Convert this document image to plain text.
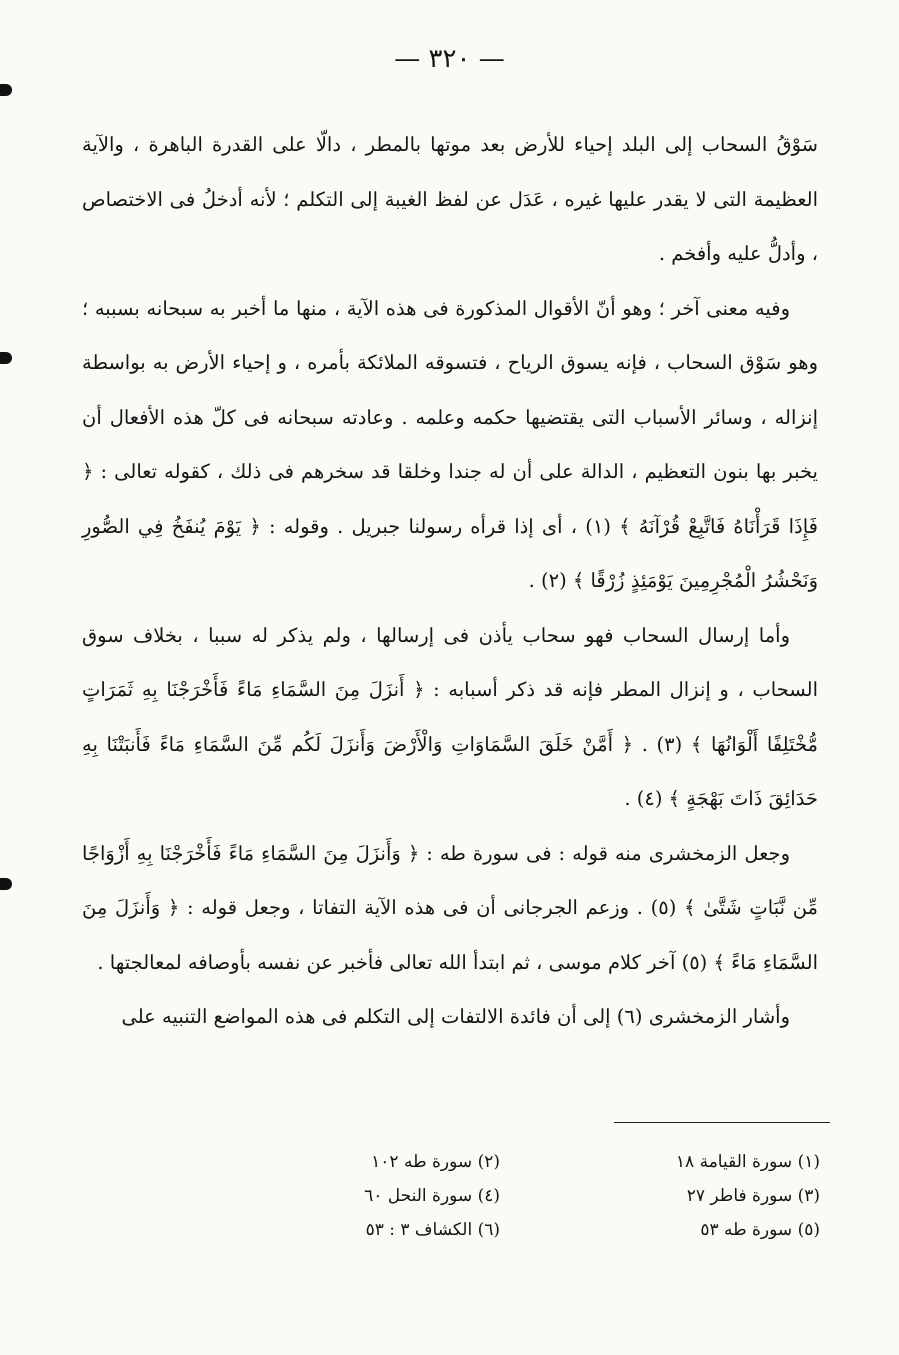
— ٣٢٠ —

سَوْقُ السحاب إلى البلد إحياء للأرض بعد موتها بالمطر ، دالّا على القدرة الباهرة ، والآية العظيمة التى لا يقدر عليها غيره ، عَدَل عن لفظ الغيبة إلى التكلم ؛ لأنه أدخلُ فى الاختصاص ، وأدلُّ عليه وأفخم .

وفيه معنى آخر ؛ وهو أنّ الأقوال المذكورة فى هذه الآية ، منها ما أخبر به سبحانه بسببه ؛ وهو سَوْق السحاب ، فإنه يسوق الرياح ، فتسوقه الملائكة بأمره ، و إحياء الأرض به بواسطة إنزاله ، وسائر الأسباب التى يقتضيها حكمه وعلمه . وعادته سبحانه فى كلّ هذه الأفعال أن يخبر بها بنون التعظيم ، الدالة على أن له جندا وخلقا قد سخرهم فى ذلك ، كقوله تعالى : ﴿ فَإِذَا قَرَأْنَاهُ فَاتَّبِعْ قُرْآنَهُ ﴾ (١) ، أى إذا قرأه رسولنا جبريل . وقوله : ﴿ يَوْمَ يُنفَخُ فِي الصُّورِ وَنَحْشُرُ الْمُجْرِمِينَ يَوْمَئِذٍ زُرْقًا ﴾ (٢) .

وأما إرسال السحاب فهو سحاب يأذن فى إرسالها ، ولم يذكر له سببا ، بخلاف سوق السحاب ، و إنزال المطر فإنه قد ذكر أسبابه : ﴿ أَنزَلَ مِنَ السَّمَاءِ مَاءً فَأَخْرَجْنَا بِهِ ثَمَرَاتٍ مُّخْتَلِفًا أَلْوَانُهَا ﴾ (٣) . ﴿ أَمَّنْ خَلَقَ السَّمَاوَاتِ وَالْأَرْضَ وَأَنزَلَ لَكُم مِّنَ السَّمَاءِ مَاءً فَأَنبَتْنَا بِهِ حَدَائِقَ ذَاتَ بَهْجَةٍ ﴾ (٤) .

وجعل الزمخشرى منه قوله : فى سورة طه : ﴿ وَأَنزَلَ مِنَ السَّمَاءِ مَاءً فَأَخْرَجْنَا بِهِ أَزْوَاجًا مِّن نَّبَاتٍ شَتَّىٰ ﴾ (٥) . وزعم الجرجانى أن فى هذه الآية التفاتا ، وجعل قوله : ﴿ وَأَنزَلَ مِنَ السَّمَاءِ مَاءً ﴾ (٥) آخر كلام موسى ، ثم ابتدأ الله تعالى فأخبر عن نفسه بأوصافه لمعالجتها .

وأشار الزمخشرى (٦) إلى أن فائدة الالتفات إلى التكلم فى هذه المواضع التنبيه على

(١) سورة القيامة ١٨
(٣) سورة فاطر ٢٧
(٥) سورة طه ٥٣
(٢) سورة طه ١٠٢
(٤) سورة النحل ٦٠
(٦) الكشاف ٣ : ٥٣
